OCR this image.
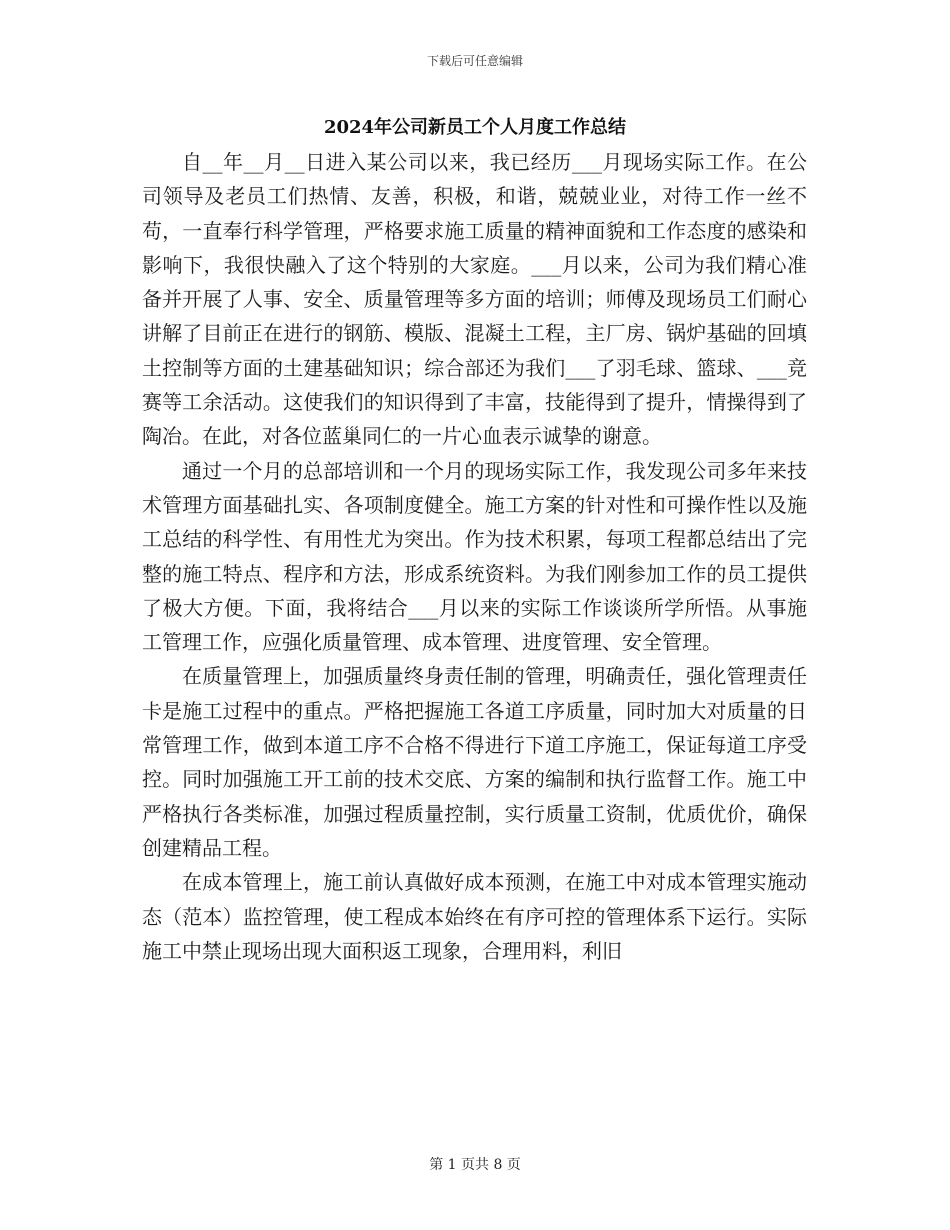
下载后可任意编辑
2024年公司新员工个人月度工作总结

自__年__月__日进入某公司以来，我已经历___月现场实际工作。在公司领导及老员工们热情、友善，积极，和谐，兢兢业业，对待工作一丝不苟，一直奉行科学管理，严格要求施工质量的精神面貌和工作态度的感染和影响下，我很快融入了这个特别的大家庭。___月以来，公司为我们精心准备并开展了人事、安全、质量管理等多方面的培训；师傅及现场员工们耐心讲解了目前正在进行的钢筋、模版、混凝土工程，主厂房、锅炉基础的回填土控制等方面的土建基础知识；综合部还为我们___了羽毛球、篮球、___竞赛等工余活动。这使我们的知识得到了丰富，技能得到了提升，情操得到了陶冶。在此，对各位蓝巢同仁的一片心血表示诚挚的谢意。

通过一个月的总部培训和一个月的现场实际工作，我发现公司多年来技术管理方面基础扎实、各项制度健全。施工方案的针对性和可操作性以及施工总结的科学性、有用性尤为突出。作为技术积累，每项工程都总结出了完整的施工特点、程序和方法，形成系统资料。为我们刚参加工作的员工提供了极大方便。下面，我将结合___月以来的实际工作谈谈所学所悟。从事施工管理工作，应强化质量管理、成本管理、进度管理、安全管理。

在质量管理上，加强质量终身责任制的管理，明确责任，强化管理责任卡是施工过程中的重点。严格把握施工各道工序质量，同时加大对质量的日常管理工作，做到本道工序不合格不得进行下道工序施工，保证每道工序受控。同时加强施工开工前的技术交底、方案的编制和执行监督工作。施工中严格执行各类标准，加强过程质量控制，实行质量工资制，优质优价，确保创建精品工程。

在成本管理上，施工前认真做好成本预测，在施工中对成本管理实施动态（范本）监控管理，使工程成本始终在有序可控的管理体系下运行。实际施工中禁止现场出现大面积返工现象，合理用料，利旧

第 1 页共 8 页
